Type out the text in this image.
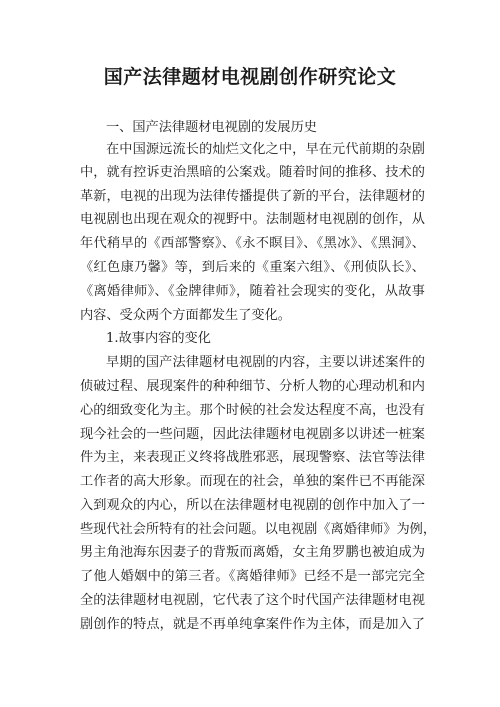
国产法律题材电视剧创作研究论文
一、国产法律题材电视剧的发展历史
在中国源远流长的灿烂文化之中，早在元代前期的杂剧
中，就有控诉吏治黑暗的公案戏。随着时间的推移、技术的
革新，电视的出现为法律传播提供了新的平台，法律题材的
电视剧也出现在观众的视野中。法制题材电视剧的创作，从
年代稍早的《西部警察》、《永不瞑目》、《黑冰》、《黑洞》、
《红色康乃馨》等，到后来的《重案六组》、《刑侦队长》、
《离婚律师》、《金牌律师》，随着社会现实的变化，从故事
内容、受众两个方面都发生了变化。
1.故事内容的变化
早期的国产法律题材电视剧的内容，主要以讲述案件的
侦破过程、展现案件的种种细节、分析人物的心理动机和内
心的细致变化为主。那个时候的社会发达程度不高，也没有
现今社会的一些问题，因此法律题材电视剧多以讲述一桩案
件为主，来表现正义终将战胜邪恶，展现警察、法官等法律
工作者的高大形象。而现在的社会，单独的案件已不再能深
入到观众的内心，所以在法律题材电视剧的创作中加入了一
些现代社会所特有的社会问题。以电视剧《离婚律师》为例，
男主角池海东因妻子的背叛而离婚，女主角罗鹏也被迫成为
了他人婚姻中的第三者。《离婚律师》已经不是一部完完全
全的法律题材电视剧，它代表了这个时代国产法律题材电视
剧创作的特点，就是不再单纯拿案件作为主体，而是加入了
